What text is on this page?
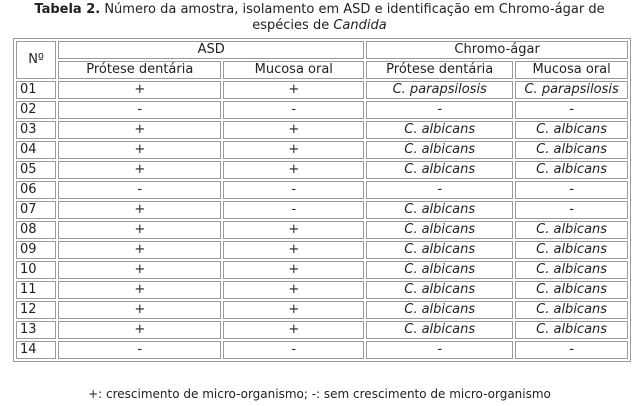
Tabela 2. Número da amostra, isolamento em ASD e identificação em Chromo-ágar de
espécies de Candida
Nº	ASD		Chromo-ágar	
	Prótese dentária	Mucosa oral	Prótese dentária	Mucosa oral
01	+	+	C. parapsilosis	C. parapsilosis
02	-	-	-	-
03	+	+	C. albicans	C. albicans
04	+	+	C. albicans	C. albicans
05	+	+	C. albicans	C. albicans
06	-	-	-	-
07	+	-	C. albicans	-
08	+	+	C. albicans	C. albicans
09	+	+	C. albicans	C. albicans
10	+	+	C. albicans	C. albicans
11	+	+	C. albicans	C. albicans
12	+	+	C. albicans	C. albicans
13	+	+	C. albicans	C. albicans
14	-	-	-	-
+: crescimento de micro-organismo; -: sem crescimento de micro-organismo
